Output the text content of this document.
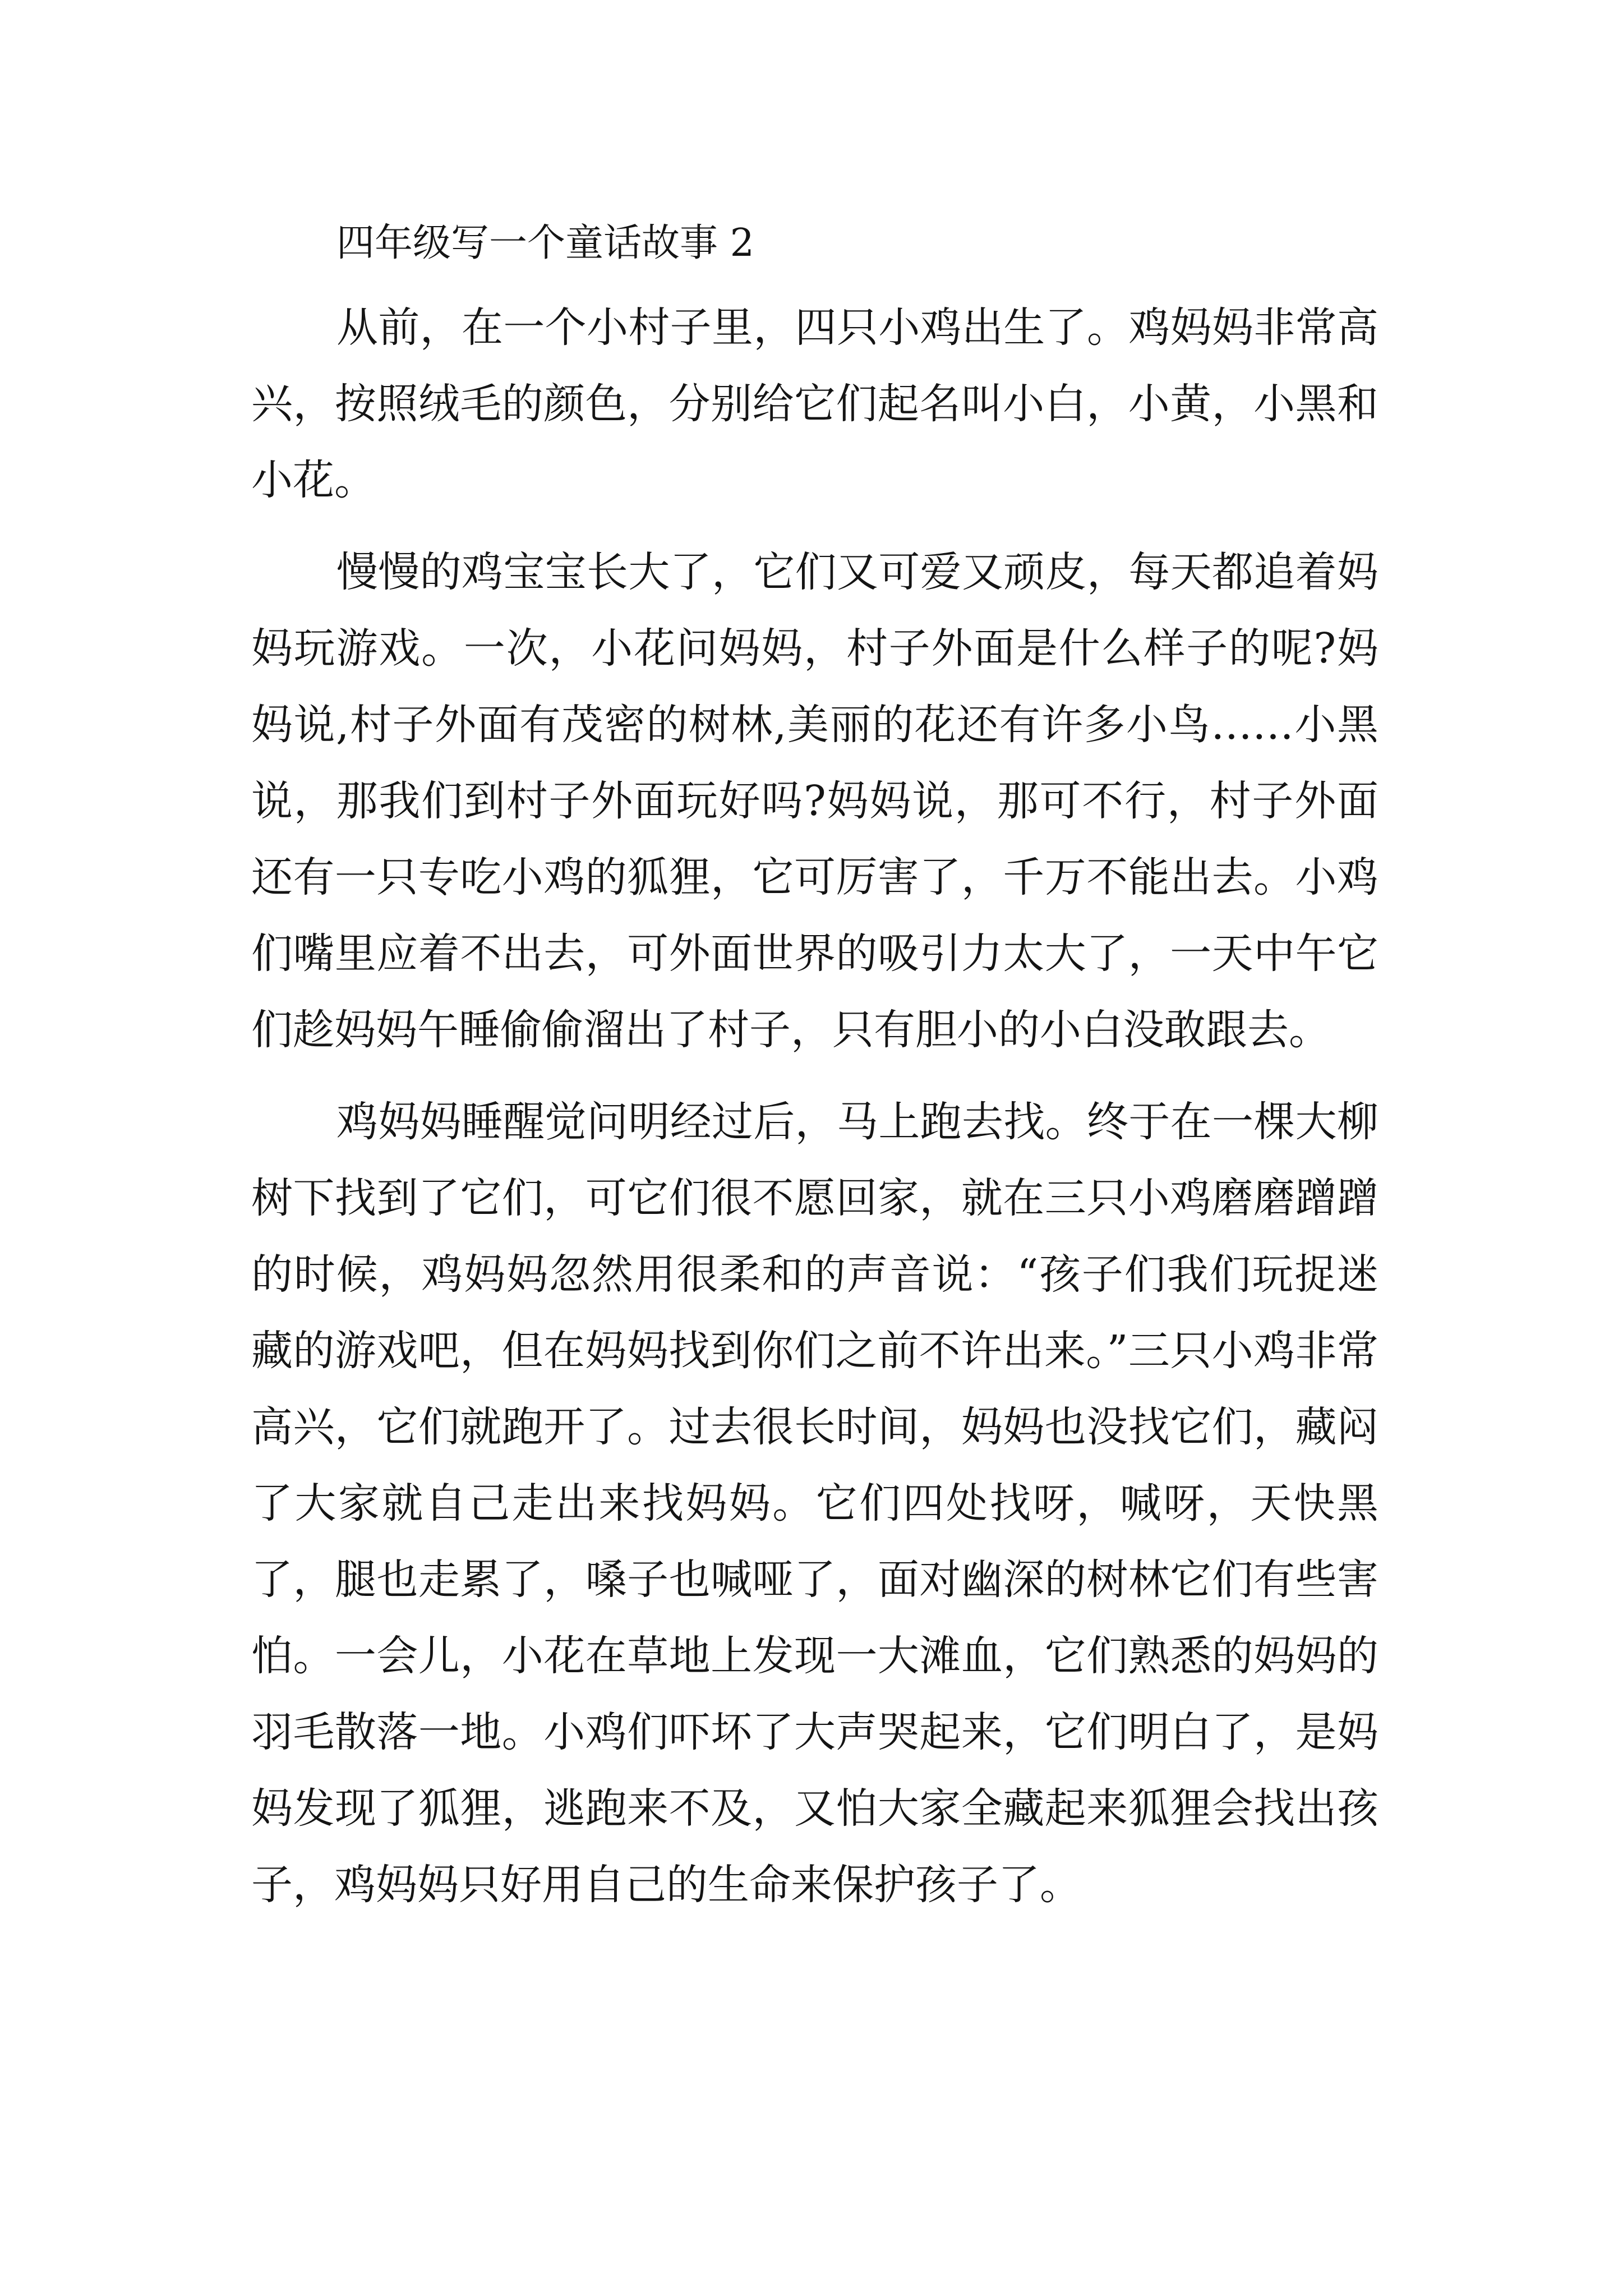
四年级写一个童话故事 2

从前，在一个小村子里，四只小鸡出生了。鸡妈妈非常高兴，按照绒毛的颜色，分别给它们起名叫小白，小黄，小黑和小花。

慢慢的鸡宝宝长大了，它们又可爱又顽皮，每天都追着妈妈玩游戏。一次，小花问妈妈，村子外面是什么样子的呢?妈妈说,村子外面有茂密的树林,美丽的花还有许多小鸟……小黑说，那我们到村子外面玩好吗?妈妈说，那可不行，村子外面还有一只专吃小鸡的狐狸，它可厉害了，千万不能出去。小鸡们嘴里应着不出去，可外面世界的吸引力太大了，一天中午它们趁妈妈午睡偷偷溜出了村子，只有胆小的小白没敢跟去。

鸡妈妈睡醒觉问明经过后，马上跑去找。终于在一棵大柳树下找到了它们，可它们很不愿回家，就在三只小鸡磨磨蹭蹭的时候，鸡妈妈忽然用很柔和的声音说：“孩子们我们玩捉迷藏的游戏吧，但在妈妈找到你们之前不许出来。”三只小鸡非常高兴，它们就跑开了。过去很长时间，妈妈也没找它们，藏闷了大家就自己走出来找妈妈。它们四处找呀，喊呀，天快黑了，腿也走累了，嗓子也喊哑了，面对幽深的树林它们有些害怕。一会儿，小花在草地上发现一大滩血，它们熟悉的妈妈的羽毛散落一地。小鸡们吓坏了大声哭起来，它们明白了，是妈妈发现了狐狸，逃跑来不及，又怕大家全藏起来狐狸会找出孩子，鸡妈妈只好用自己的生命来保护孩子了。
